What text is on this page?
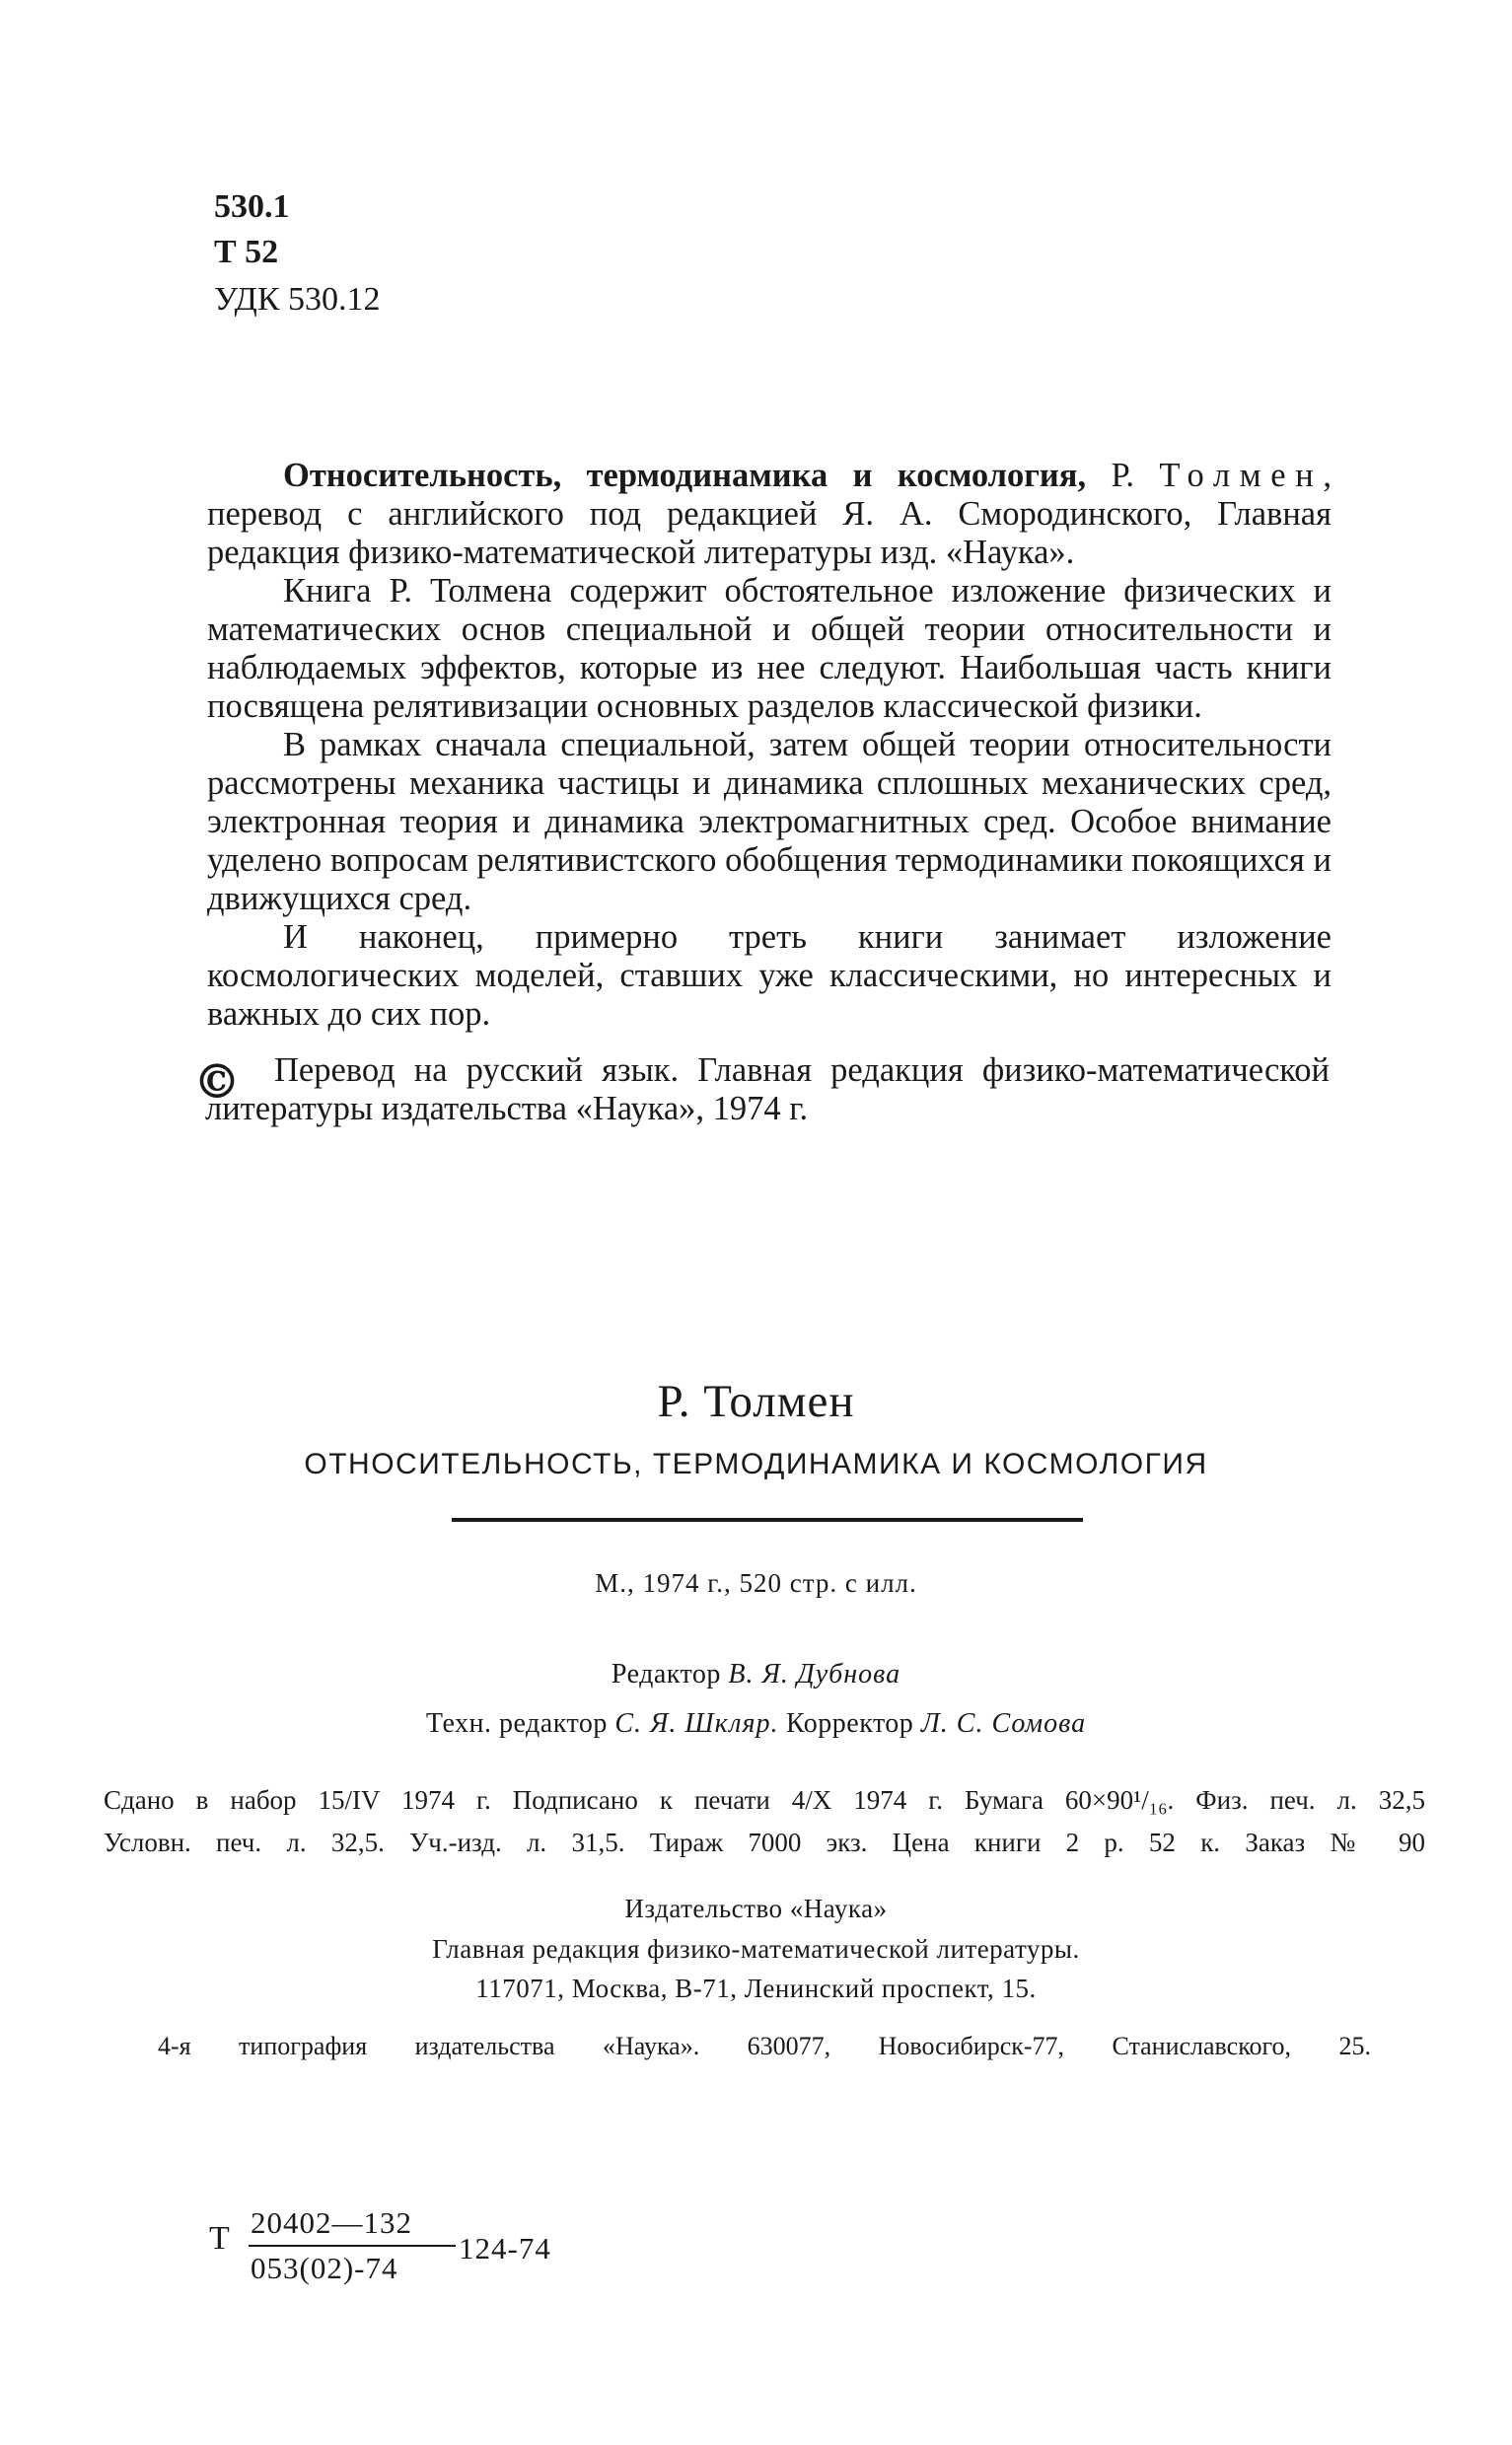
530.1
Т 52
УДК 530.12

Относительность, термодинамика и космология, Р. Толмен, перевод с английского под редакцией Я. А. Смородинского, Главная редакция физико-математической литературы изд. «Наука».

Книга Р. Толмена содержит обстоятельное изложение физических и математических основ специальной и общей теории относительности и наблюдаемых эффектов, которые из нее следуют. Наибольшая часть книги посвящена релятивизации основных разделов классической физики.

В рамках сначала специальной, затем общей теории относительности рассмотрены механика частицы и динамика сплошных механических сред, электронная теория и динамика электромагнитных сред. Особое внимание уделено вопросам релятивистского обобщения термодинамики покоящихся и движущихся сред.

И наконец, примерно треть книги занимает изложение космологических моделей, ставших уже классическими, но интересных и важных до сих пор.

© Перевод на русский язык. Главная редакция физико-математической литературы издательства «Наука», 1974 г.

Р. Толмен
ОТНОСИТЕЛЬНОСТЬ, ТЕРМОДИНАМИКА И КОСМОЛОГИЯ
М., 1974 г., 520 стр. с илл.
Редактор В. Я. Дубнова
Техн. редактор С. Я. Шкляр. Корректор Л. С. Сомова
Сдано в набор 15/IV 1974 г. Подписано к печати 4/X 1974 г. Бумага 60×90¹/₁₆. Физ. печ. л. 32,5
Условн. печ. л. 32,5. Уч.-изд. л. 31,5. Тираж 7000 экз. Цена книги 2 р. 52 к. Заказ № 90
Издательство «Наука»
Главная редакция физико-математической литературы.
117071, Москва, В-71, Ленинский проспект, 15.
4-я типография издательства «Наука». 630077, Новосибирск-77, Станиславского, 25.
Т 20402—132
053(02)-74
124-74
